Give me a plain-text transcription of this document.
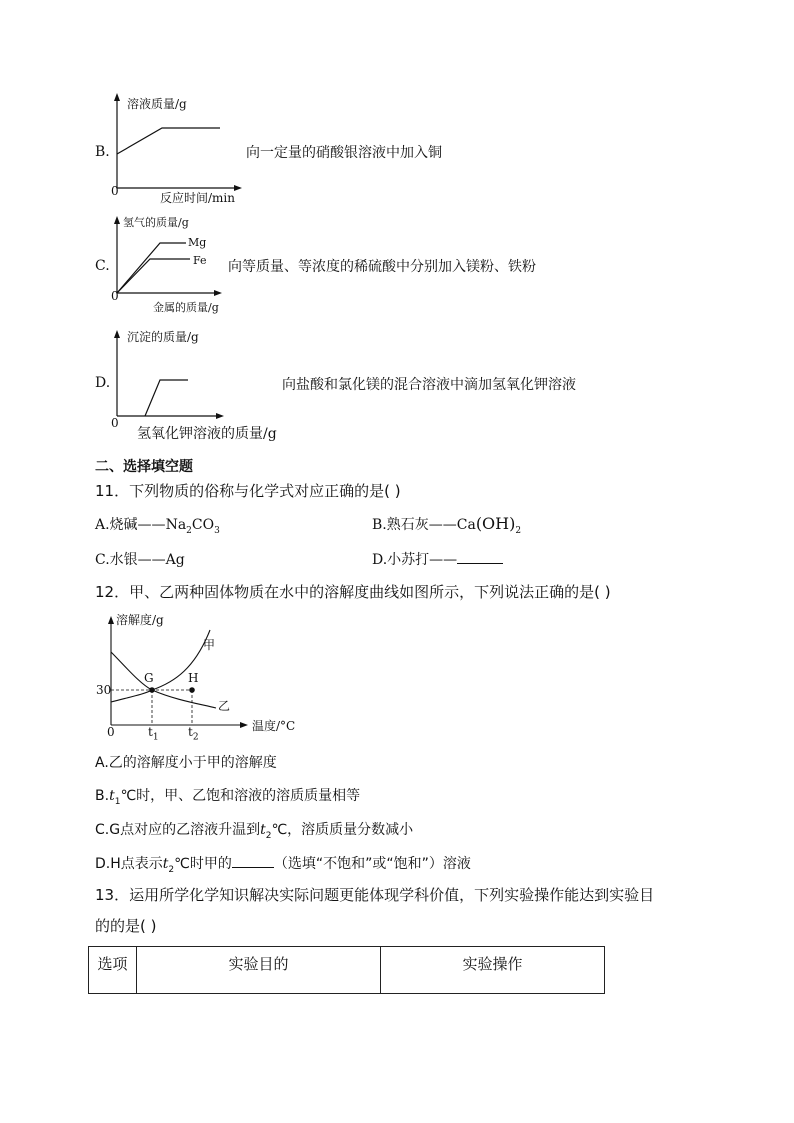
B.
溶液质量/g
0	反应时间/min
向一定量的硝酸银溶液中加入铜
C.
氢气的质量/g
Mg
Fe
0
金属的质量/g
向等质量、等浓度的稀硫酸中分别加入镁粉、铁粉
D.
沉淀的质量/g
0
氢氧化钾溶液的质量/g
向盐酸和氯化镁的混合溶液中滴加氢氧化钾溶液
二、选择填空题
11．下列物质的俗称与化学式对应正确的是( )
A.烧碱$——Na_2CO_3$	B.熟石灰$——Ca(OH)_2$
C.水银——Ag	D.小苏打——
12．甲、乙两种固体物质在水中的溶解度曲线如图所示，下列说法正确的是( )
溶解度/g
甲
乙
G	H
30
0	$t_1$ $t_2$
温度/°C
A.乙的溶解度小于甲的溶解度
$B.t_1℃$时，甲、乙饱和溶液的溶质质量相等
C.G点对应的乙溶液升温到$t_2℃$，溶质质量分数减小
D.H点表示$t_2℃$时甲的	（选填“不饱和”或“饱和”）溶液
13．运用所学化学知识解决实际问题更能体现学科价值，下列实验操作能达到实验目
的的是( )
选项	实验目的	实验操作
